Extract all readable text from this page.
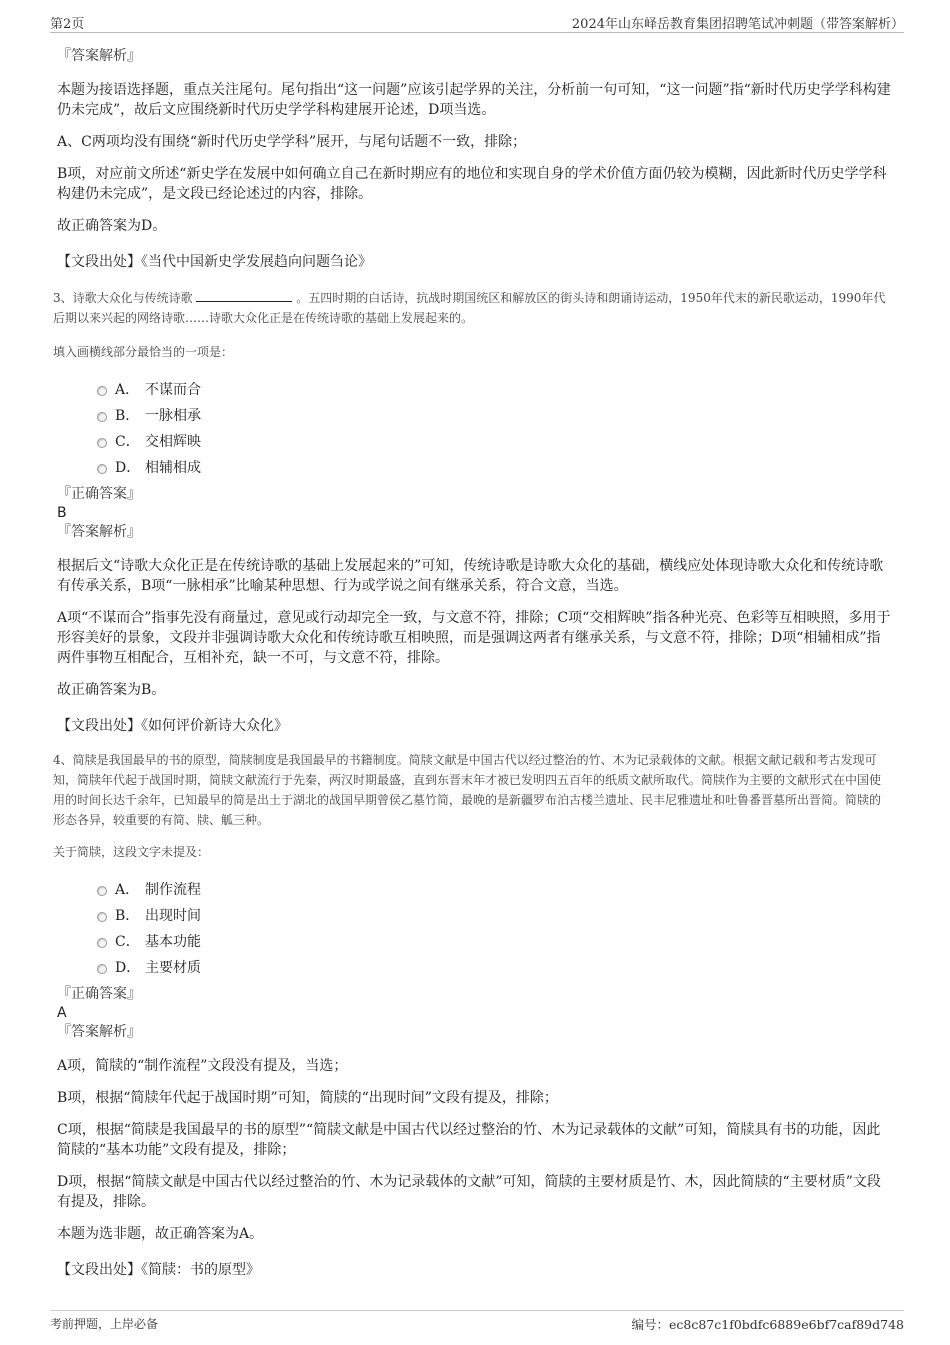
第2页	2024年山东峄岳教育集团招聘笔试冲刺题（带答案解析）
『答案解析』
本题为接语选择题，重点关注尾句。尾句指出“这一问题”应该引起学界的关注，分析前一句可知，“这一问题”指“新时代历史学学科构建仍未完成”，故后文应围绕新时代历史学学科构建展开论述，D项当选。
A、C两项均没有围绕“新时代历史学学科”展开，与尾句话题不一致，排除；
B项，对应前文所述“新史学在发展中如何确立自己在新时期应有的地位和实现自身的学术价值方面仍较为模糊，因此新时代历史学学科构建仍未完成”，是文段已经论述过的内容，排除。
故正确答案为D。
【文段出处】《当代中国新史学发展趋向问题刍论》
3、诗歌大众化与传统诗歌	。五四时期的白话诗，抗战时期国统区和解放区的街头诗和朗诵诗运动，1950年代末的新民歌运动，1990年代后期以来兴起的网络诗歌……诗歌大众化正是在传统诗歌的基础上发展起来的。
填入画横线部分最恰当的一项是：
A． 不谋而合
B． 一脉相承
C． 交相辉映
D． 相辅相成
『正确答案』
B
『答案解析』
根据后文“诗歌大众化正是在传统诗歌的基础上发展起来的”可知，传统诗歌是诗歌大众化的基础，横线应处体现诗歌大众化和传统诗歌有传承关系，B项“一脉相承”比喻某种思想、行为或学说之间有继承关系，符合文意，当选。
A项“不谋而合”指事先没有商量过，意见或行动却完全一致，与文意不符，排除；C项“交相辉映”指各种光亮、色彩等互相映照，多用于形容美好的景象，文段并非强调诗歌大众化和传统诗歌互相映照，而是强调这两者有继承关系，与文意不符，排除；D项“相辅相成”指两件事物互相配合，互相补充，缺一不可，与文意不符，排除。
故正确答案为B。
【文段出处】《如何评价新诗大众化》
4、简牍是我国最早的书的原型，简牍制度是我国最早的书籍制度。简牍文献是中国古代以经过整治的竹、木为记录载体的文献。根据文献记载和考古发现可知，简牍年代起于战国时期，简牍文献流行于先秦，两汉时期最盛，直到东晋末年才被已发明四五百年的纸质文献所取代。简牍作为主要的文献形式在中国使用的时间长达千余年，已知最早的简是出土于湖北的战国早期曾侯乙墓竹简，最晚的是新疆罗布泊古楼兰遗址、民丰尼雅遗址和吐鲁番晋墓所出晋简。简牍的形态各异，较重要的有简、牍、觚三种。
关于简牍，这段文字未提及：
A． 制作流程
B． 出现时间
C． 基本功能
D． 主要材质
『正确答案』
A
『答案解析』
A项，简牍的“制作流程”文段没有提及，当选；
B项，根据“简牍年代起于战国时期”可知，简牍的“出现时间”文段有提及，排除；
C项，根据“简牍是我国最早的书的原型”“简牍文献是中国古代以经过整治的竹、木为记录载体的文献”可知，简牍具有书的功能，因此简牍的“基本功能”文段有提及，排除；
D项，根据“简牍文献是中国古代以经过整治的竹、木为记录载体的文献”可知，简牍的主要材质是竹、木，因此简牍的“主要材质”文段有提及，排除。
本题为选非题，故正确答案为A。
【文段出处】《简牍：书的原型》
考前押题，上岸必备	编号：ec8c87c1f0bdfc6889e6bf7caf89d748
